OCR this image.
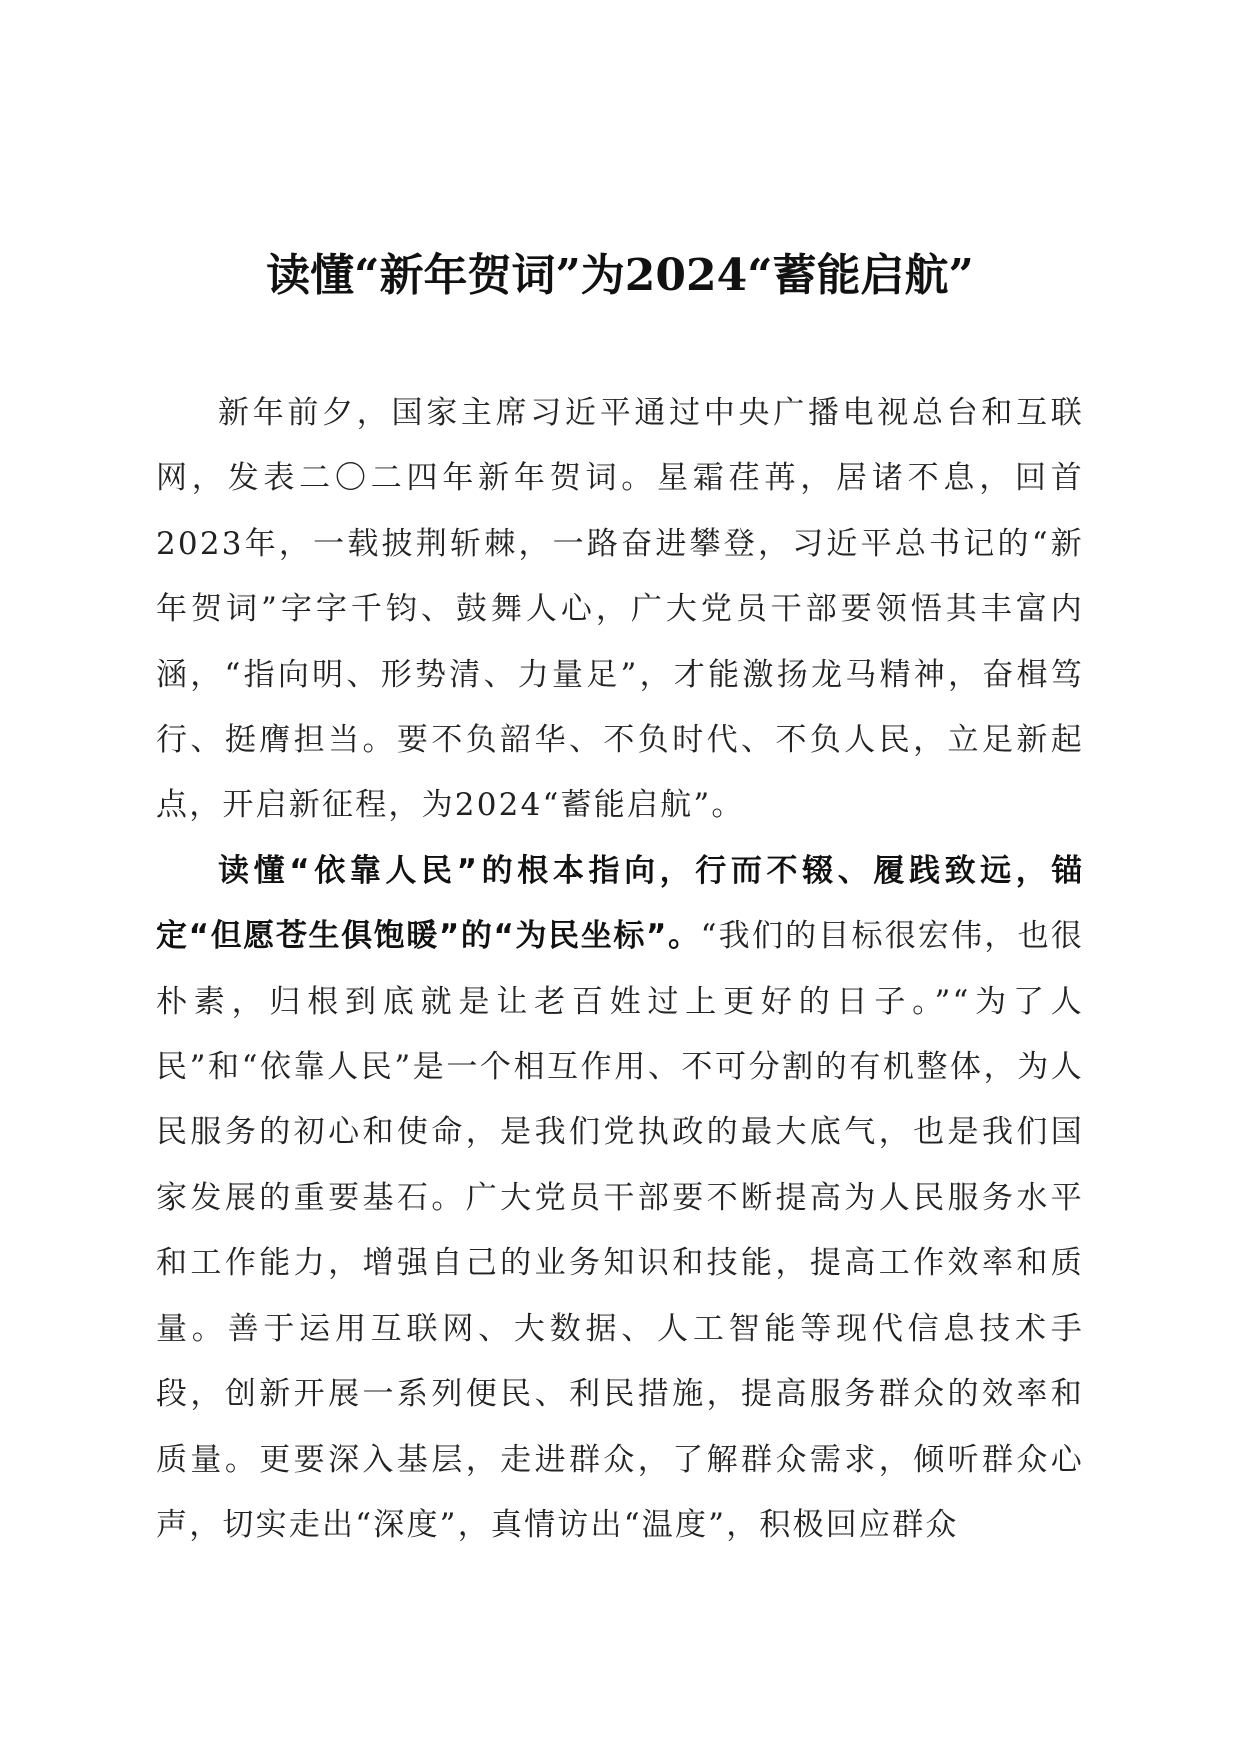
读懂“新年贺词”为2024“蓄能启航”

新年前夕，国家主席习近平通过中央广播电视总台和互联网，发表二〇二四年新年贺词。星霜荏苒，居诸不息，回首2023年，一载披荆斩棘，一路奋进攀登，习近平总书记的“新年贺词”字字千钧、鼓舞人心，广大党员干部要领悟其丰富内涵，“指向明、形势清、力量足”，才能激扬龙马精神，奋楫笃行、挺膺担当。要不负韶华、不负时代、不负人民，立足新起点，开启新征程，为2024“蓄能启航”。

读懂“依靠人民”的根本指向，行而不辍、履践致远，锚定“但愿苍生俱饱暖”的“为民坐标”。“我们的目标很宏伟，也很朴素，归根到底就是让老百姓过上更好的日子。”“为了人民”和“依靠人民”是一个相互作用、不可分割的有机整体，为人民服务的初心和使命，是我们党执政的最大底气，也是我们国家发展的重要基石。广大党员干部要不断提高为人民服务水平和工作能力，增强自己的业务知识和技能，提高工作效率和质量。善于运用互联网、大数据、人工智能等现代信息技术手段，创新开展一系列便民、利民措施，提高服务群众的效率和质量。更要深入基层，走进群众，了解群众需求，倾听群众心声，切实走出“深度”，真情访出“温度”，积极回应群众
